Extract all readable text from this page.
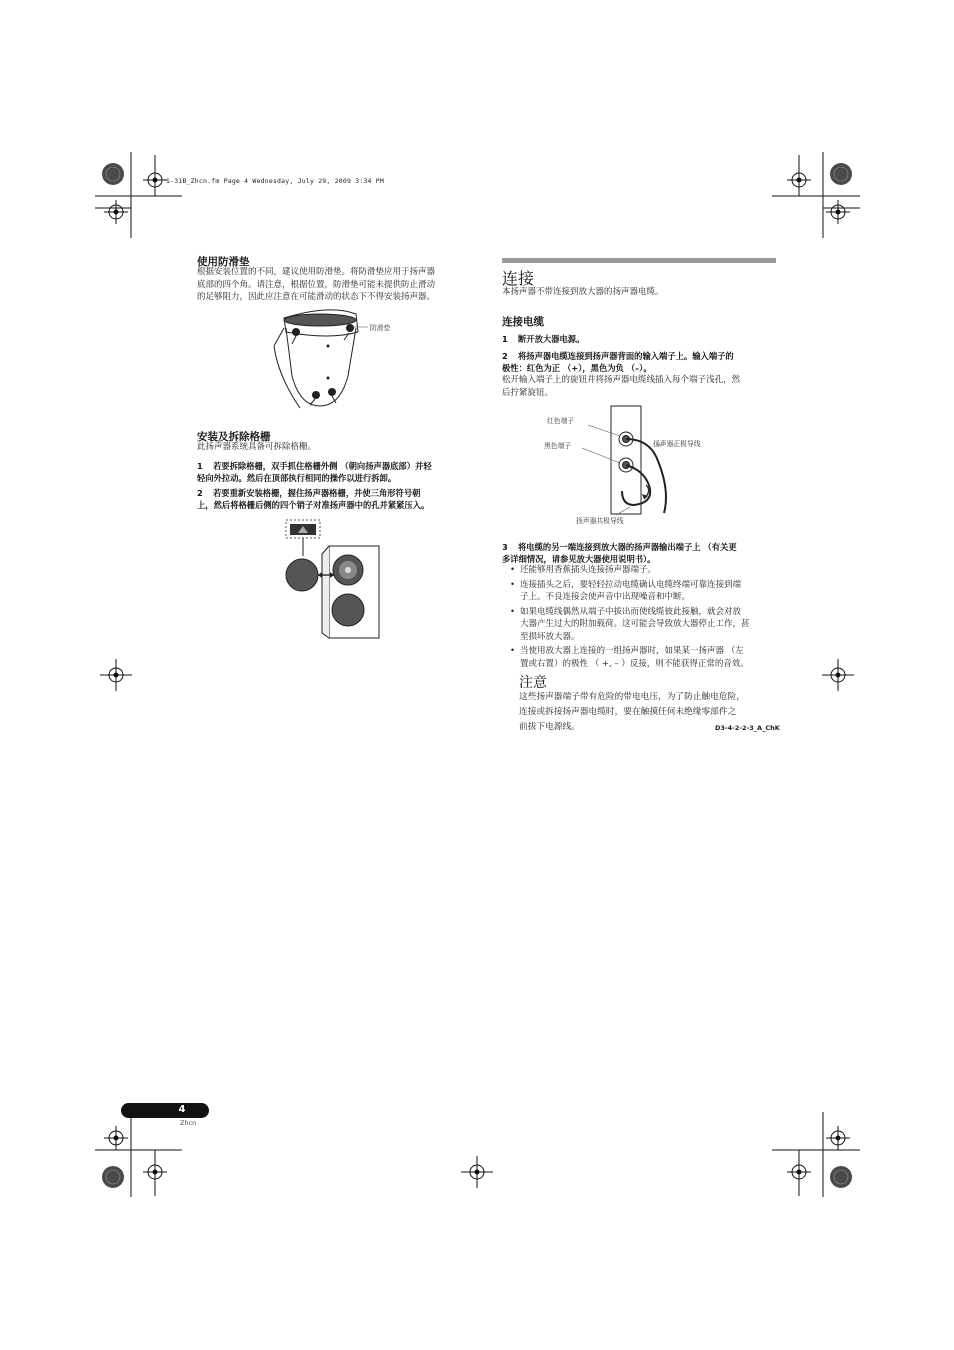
S-31B_Zhcn.fm Page 4 Wednesday, July 29, 2009 3:34 PM
使用防滑垫
根据安装位置的不同，建议使用防滑垫。将防滑垫应用于扬声器
底部的四个角。请注意，根据位置，防滑垫可能未提供防止滑动
的足够阻力，因此应注意在可能滑动的状态下不得安装扬声器。
防滑垫
安装及拆除格栅
此扬声器系统具备可拆除格栅。
1 若要拆除格栅，双手抓住格栅外侧 （朝向扬声器底部）并轻
轻向外拉动。然后在顶部执行相同的操作以进行拆卸。
2 若要重新安装格栅，握住扬声器格栅，并使三角形符号朝
上，然后将格栅后侧的四个销子对准扬声器中的孔并紧紧压入。
连接
本扬声器不带连接到放大器的扬声器电缆。
连接电缆
1 断开放大器电源。
2 将扬声器电缆连接到扬声器背面的输入端子上。输入端子的
极性：红色为正 （+），黑色为负 （–）。
松开输入端子上的旋钮并将扬声器电缆线插入每个端子浅孔，然
后拧紧旋钮。
红色端子
黑色端子	扬声器正极导线
扬声器共极导线
3 将电缆的另一端连接到放大器的扬声器输出端子上 （有关更
多详细情况，请参见放大器使用说明书）。
• 还能够用香蕉插头连接扬声器端子。
• 连接插头之后，要轻轻拉动电缆确认电缆终端可靠连接到端
子上。不良连接会使声音中出现噪音和中断。
• 如果电缆线偶然从端子中拔出而使线缆彼此接触，就会对放
大器产生过大的附加载荷。这可能会导致放大器停止工作，甚
至损坏放大器。
• 当使用放大器上连接的一组扬声器时，如果某一扬声器 （左
置或右置）的极性 （ +, – ）反接，则不能获得正常的音效。
注意
这些扬声器端子带有危险的带电电压，为了防止触电危险，
连接或拆接扬声器电缆时，要在触摸任何未绝缘零部件之
前拔下电源线。	D3-4-2-2-3_A_ChK
4
Zhcn
